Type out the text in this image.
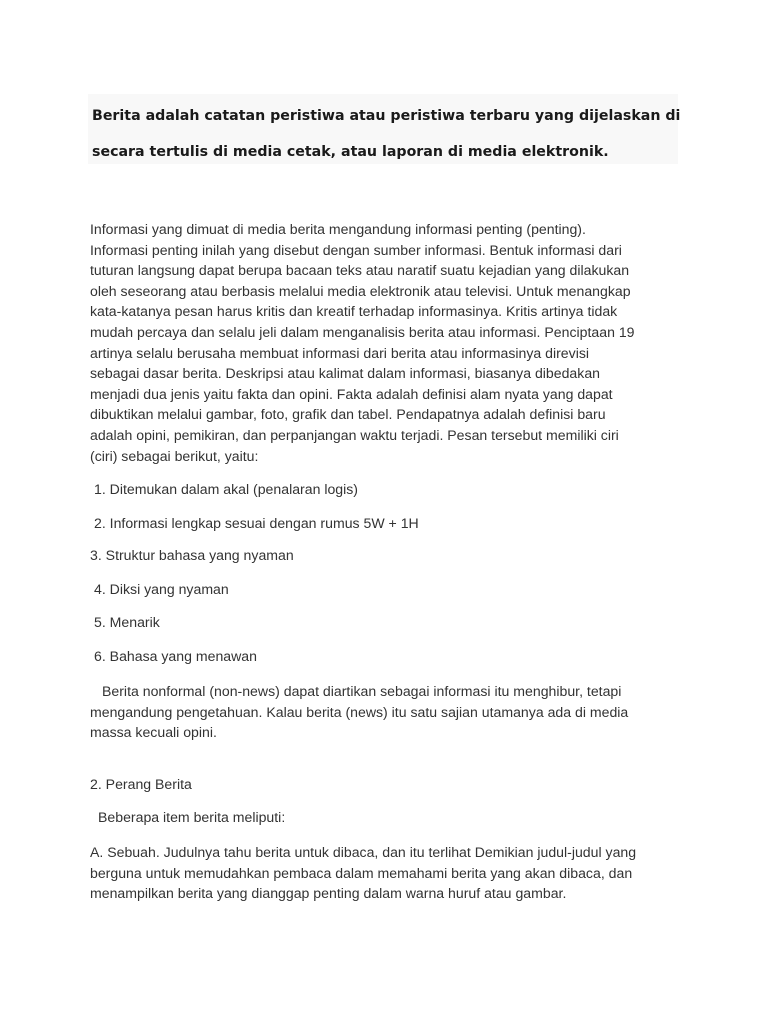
Berita adalah catatan peristiwa atau peristiwa terbaru yang dijelaskan di

secara tertulis di media cetak, atau laporan di media elektronik.

Informasi yang dimuat di media berita mengandung informasi penting (penting).
Informasi penting inilah yang disebut dengan sumber informasi. Bentuk informasi dari
tuturan langsung dapat berupa bacaan teks atau naratif suatu kejadian yang dilakukan
oleh seseorang atau berbasis melalui media elektronik atau televisi. Untuk menangkap
kata-katanya pesan harus kritis dan kreatif terhadap informasinya. Kritis artinya tidak
mudah percaya dan selalu jeli dalam menganalisis berita atau informasi. Penciptaan 19
artinya selalu berusaha membuat informasi dari berita atau informasinya direvisi
sebagai dasar berita. Deskripsi atau kalimat dalam informasi, biasanya dibedakan
menjadi dua jenis yaitu fakta dan opini. Fakta adalah definisi alam nyata yang dapat
dibuktikan melalui gambar, foto, grafik dan tabel. Pendapatnya adalah definisi baru
adalah opini, pemikiran, dan perpanjangan waktu terjadi. Pesan tersebut memiliki ciri
(ciri) sebagai berikut, yaitu:

1. Ditemukan dalam akal (penalaran logis)

2. Informasi lengkap sesuai dengan rumus 5W + 1H

3. Struktur bahasa yang nyaman

4. Diksi yang nyaman

5. Menarik

6. Bahasa yang menawan

Berita nonformal (non-news) dapat diartikan sebagai informasi itu menghibur, tetapi
mengandung pengetahuan. Kalau berita (news) itu satu sajian utamanya ada di media
massa kecuali opini.

2. Perang Berita

Beberapa item berita meliputi:

A. Sebuah. Judulnya tahu berita untuk dibaca, dan itu terlihat Demikian judul-judul yang
berguna untuk memudahkan pembaca dalam memahami berita yang akan dibaca, dan
menampilkan berita yang dianggap penting dalam warna huruf atau gambar.
